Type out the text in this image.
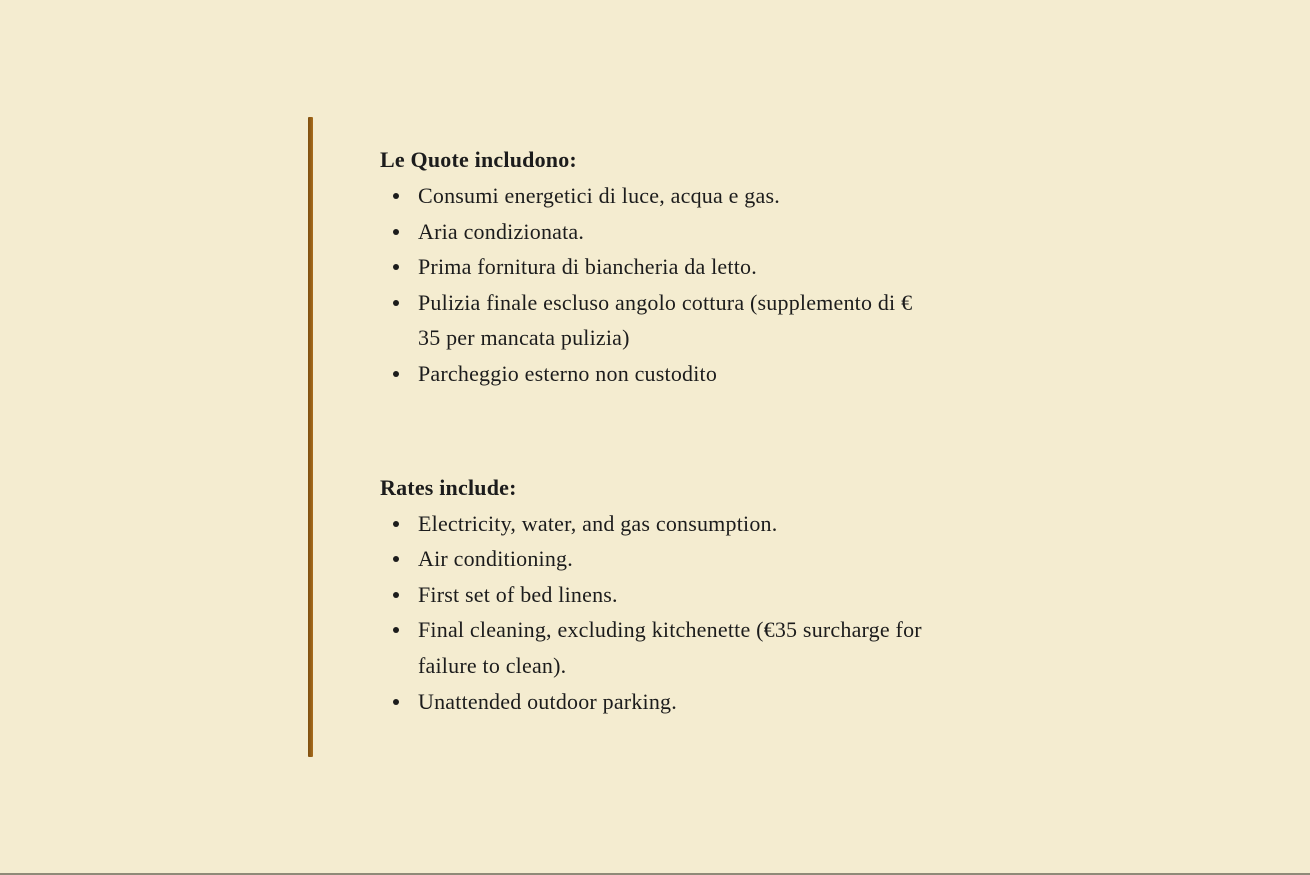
Le Quote includono:
Consumi energetici di luce, acqua e gas.
Aria condizionata.
Prima fornitura di biancheria da letto.
Pulizia finale escluso angolo cottura (supplemento di € 35 per mancata pulizia)
Parcheggio esterno non custodito
Rates include:
Electricity, water, and gas consumption.
Air conditioning.
First set of bed linens.
Final cleaning, excluding kitchenette (€35 surcharge for failure to clean).
Unattended outdoor parking.
